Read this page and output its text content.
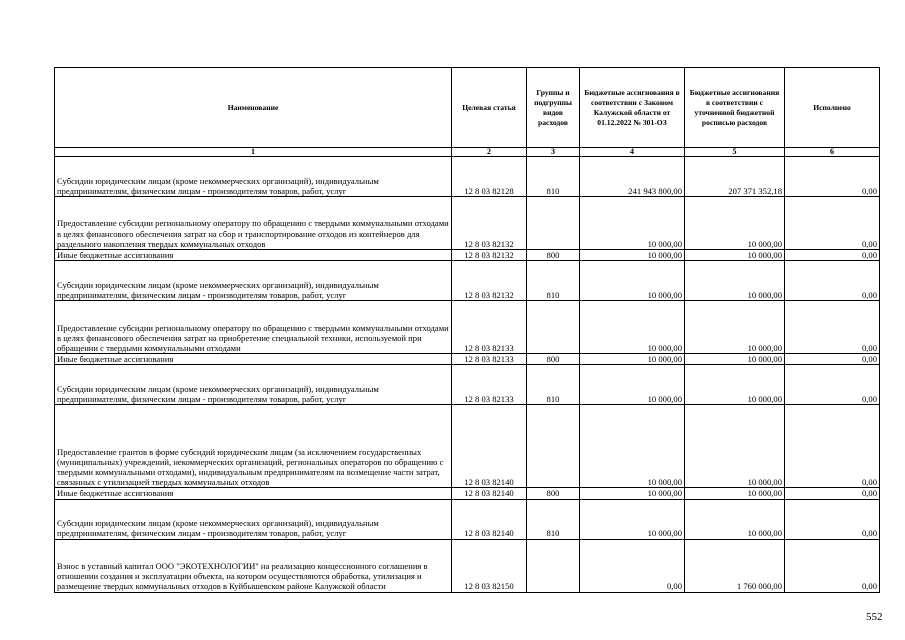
Наименование	Целевая статья	Группы и подгруппы видов расходов	Бюджетные ассигнования в соответствии с Законом Калужской области от 01.12.2022 № 301-ОЗ	Бюджетные ассигнования в соответствии с уточненной бюджетной росписью расходов	Исполнено
1	2	3	4	5	6
Субсидии юридическим лицам (кроме некоммерческих организаций), индивидуальным предпринимателям, физическим лицам - производителям товаров, работ, услуг	12 8 03 82128	810	241 943 800,00	207 371 352,18	0,00
Предоставление субсидии региональному оператору по обращению с твердыми коммунальными отходами в целях финансового обеспечения затрат на сбор и транспортирование отходов из контейнеров для раздельного накопления твердых коммунальных отходов	12 8 03 82132		10 000,00	10 000,00	0,00
Иные бюджетные ассигнования	12 8 03 82132	800	10 000,00	10 000,00	0,00
Субсидии юридическим лицам (кроме некоммерческих организаций), индивидуальным предпринимателям, физическим лицам - производителям товаров, работ, услуг	12 8 03 82132	810	10 000,00	10 000,00	0,00
Предоставление субсидии региональному оператору по обращению с твердыми коммунальными отходами в целях финансового обеспечения затрат на приобретение специальной техники, используемой при обращении с твердыми коммунальными отходами	12 8 03 82133		10 000,00	10 000,00	0,00
Иные бюджетные ассигнования	12 8 03 82133	800	10 000,00	10 000,00	0,00
Субсидии юридическим лицам (кроме некоммерческих организаций), индивидуальным предпринимателям, физическим лицам - производителям товаров, работ, услуг	12 8 03 82133	810	10 000,00	10 000,00	0,00
Предоставление грантов в форме субсидий юридическим лицам (за исключением государственных (муниципальных) учреждений, некоммерческих организаций, региональных операторов по обращению с твердыми коммунальными отходами), индивидуальным предпринимателям на возмещение части затрат, связанных с утилизацией твердых коммунальных отходов	12 8 03 82140		10 000,00	10 000,00	0,00
Иные бюджетные ассигнования	12 8 03 82140	800	10 000,00	10 000,00	0,00
Субсидии юридическим лицам (кроме некоммерческих организаций), индивидуальным предпринимателям, физическим лицам - производителям товаров, работ, услуг	12 8 03 82140	810	10 000,00	10 000,00	0,00
Взнос в уставный капитал ООО "ЭКОТЕХНОЛОГИИ" на реализацию концессионного соглашения в отношении создания и эксплуатации объекта, на котором осуществляются обработка, утилизация и размещение твердых коммунальных отходов в Куйбышевском районе Калужской области	12 8 03 82150		0,00	1 760 000,00	0,00
552
